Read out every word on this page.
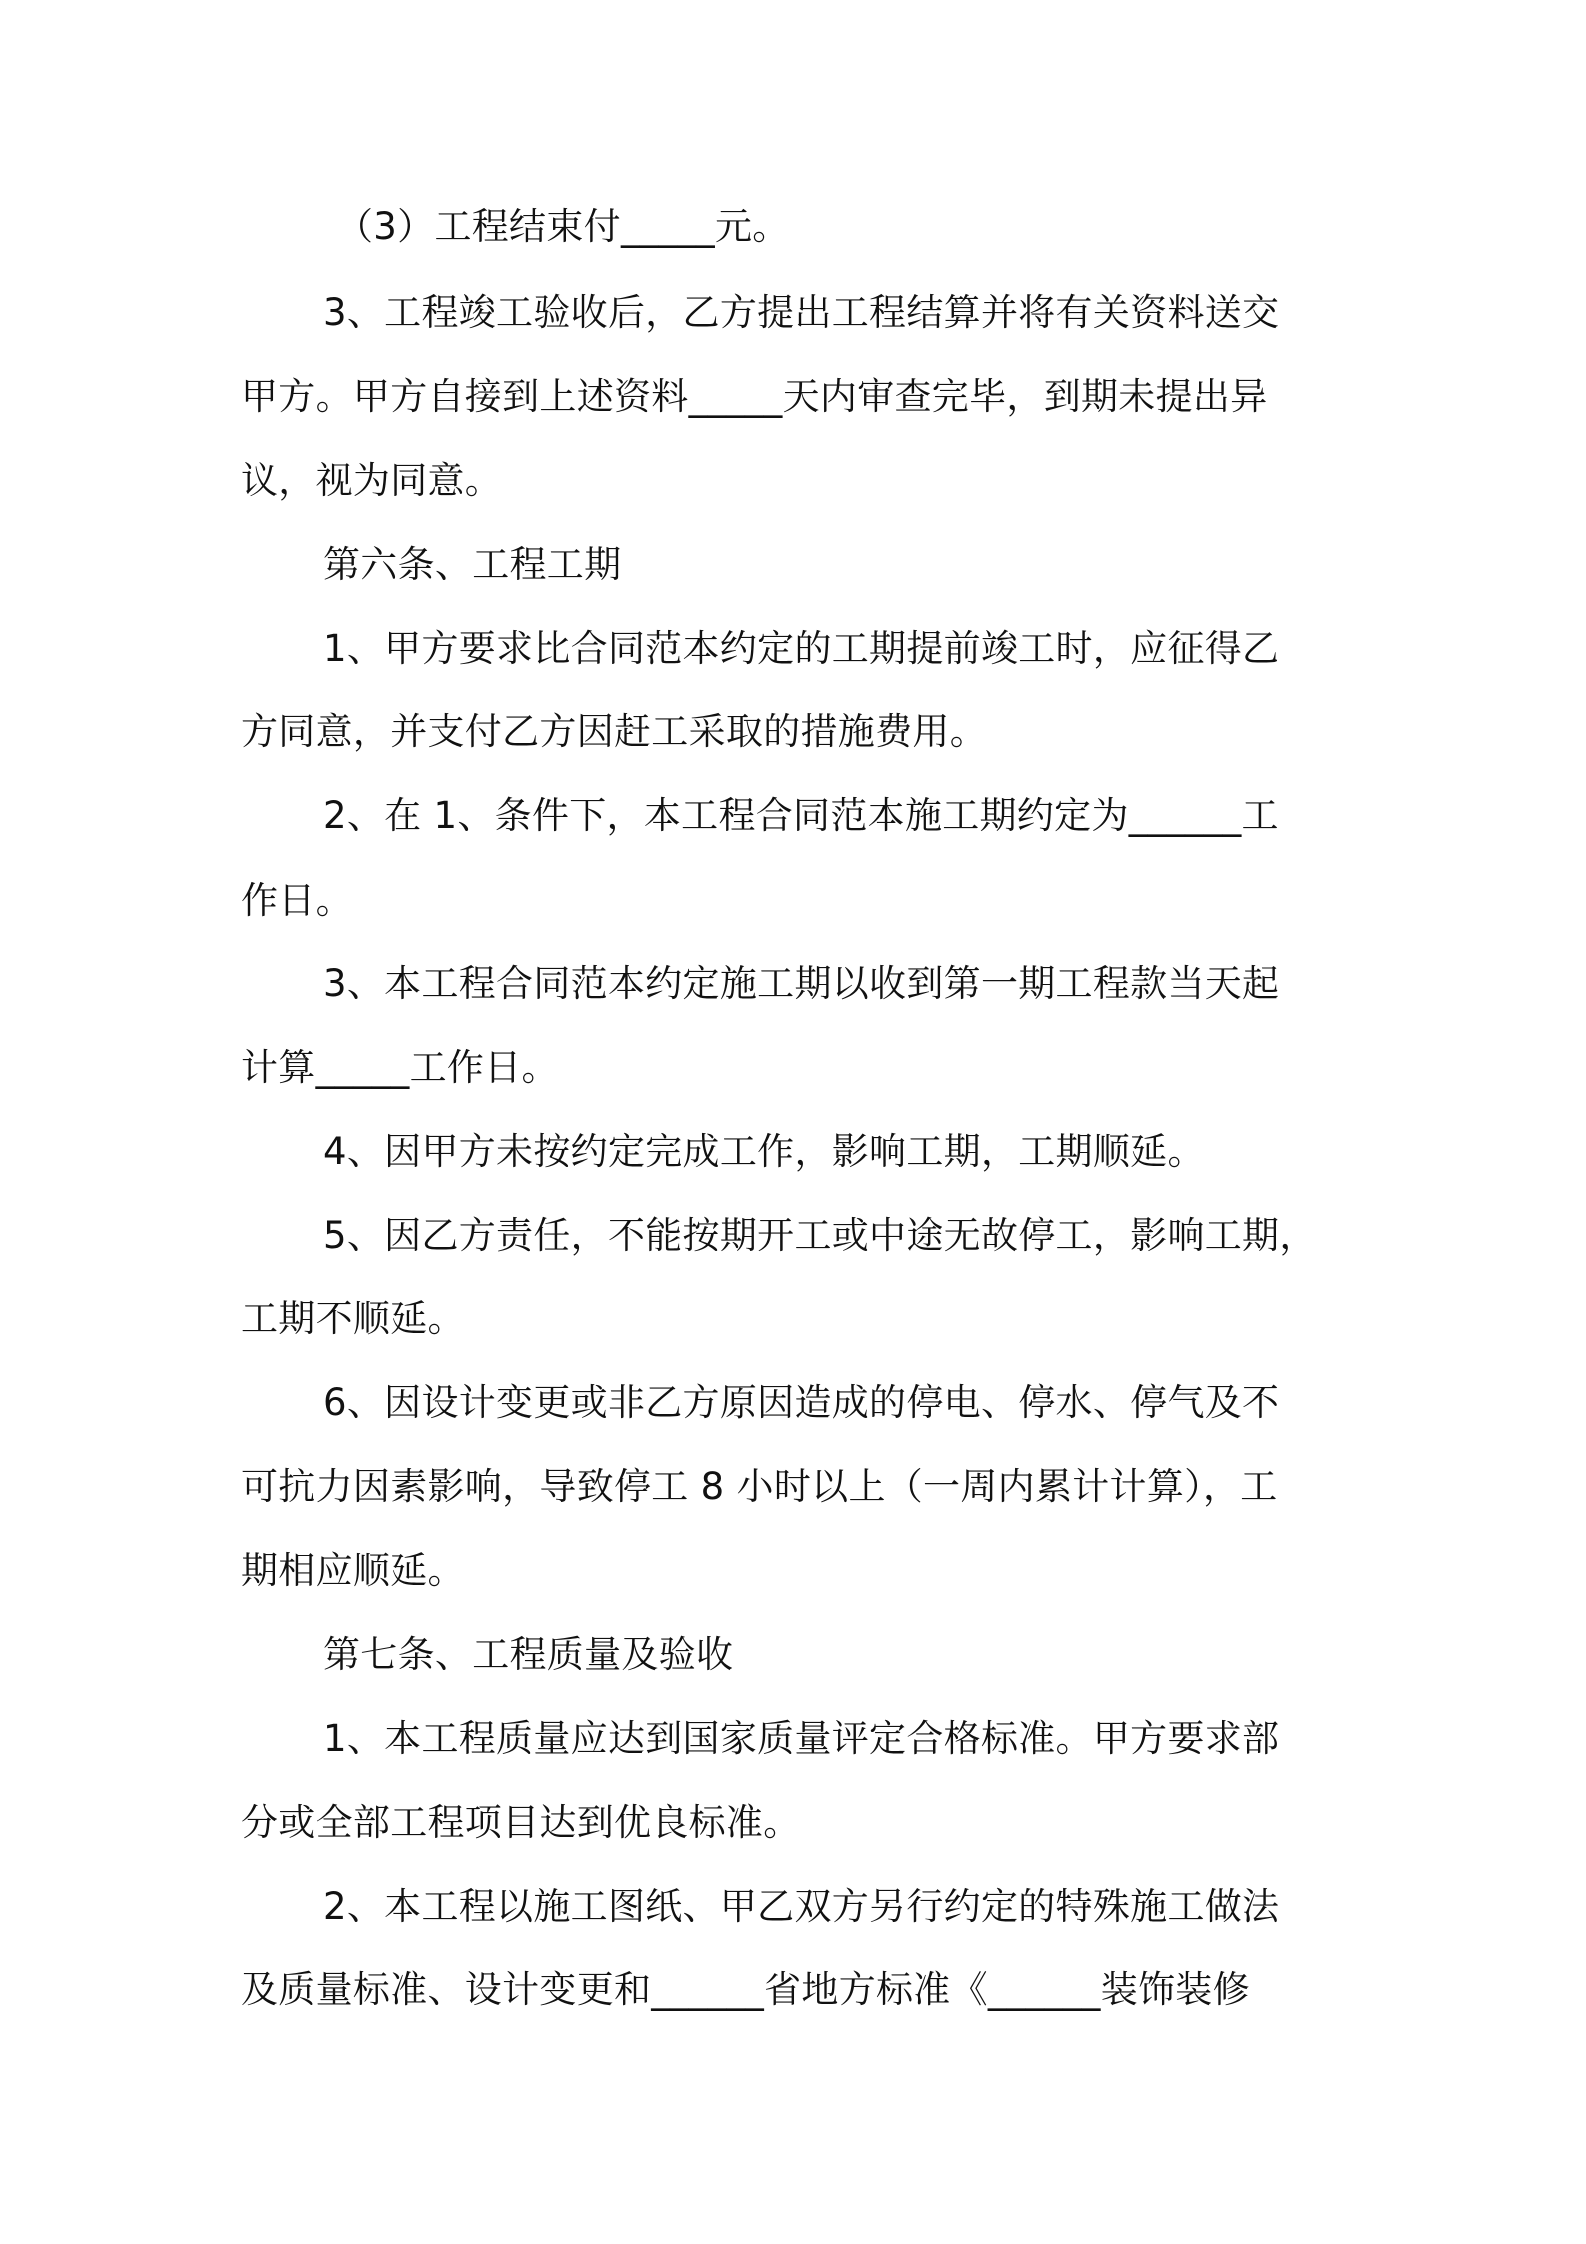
（3）工程结束付_____元。
3、工程竣工验收后，乙方提出工程结算并将有关资料送交
甲方。甲方自接到上述资料_____天内审查完毕，到期未提出异
议，视为同意。
第六条、工程工期
1、甲方要求比合同范本约定的工期提前竣工时，应征得乙
方同意，并支付乙方因赶工采取的措施费用。
2、在 1、条件下，本工程合同范本施工期约定为______工
作日。
3、本工程合同范本约定施工期以收到第一期工程款当天起
计算_____工作日。
4、因甲方未按约定完成工作，影响工期，工期顺延。
5、因乙方责任，不能按期开工或中途无故停工，影响工期，
工期不顺延。
6、因设计变更或非乙方原因造成的停电、停水、停气及不
可抗力因素影响，导致停工 8 小时以上（一周内累计计算），工
期相应顺延。
第七条、工程质量及验收
1、本工程质量应达到国家质量评定合格标准。甲方要求部
分或全部工程项目达到优良标准。
2、本工程以施工图纸、甲乙双方另行约定的特殊施工做法
及质量标准、设计变更和______省地方标准《______装饰装修
